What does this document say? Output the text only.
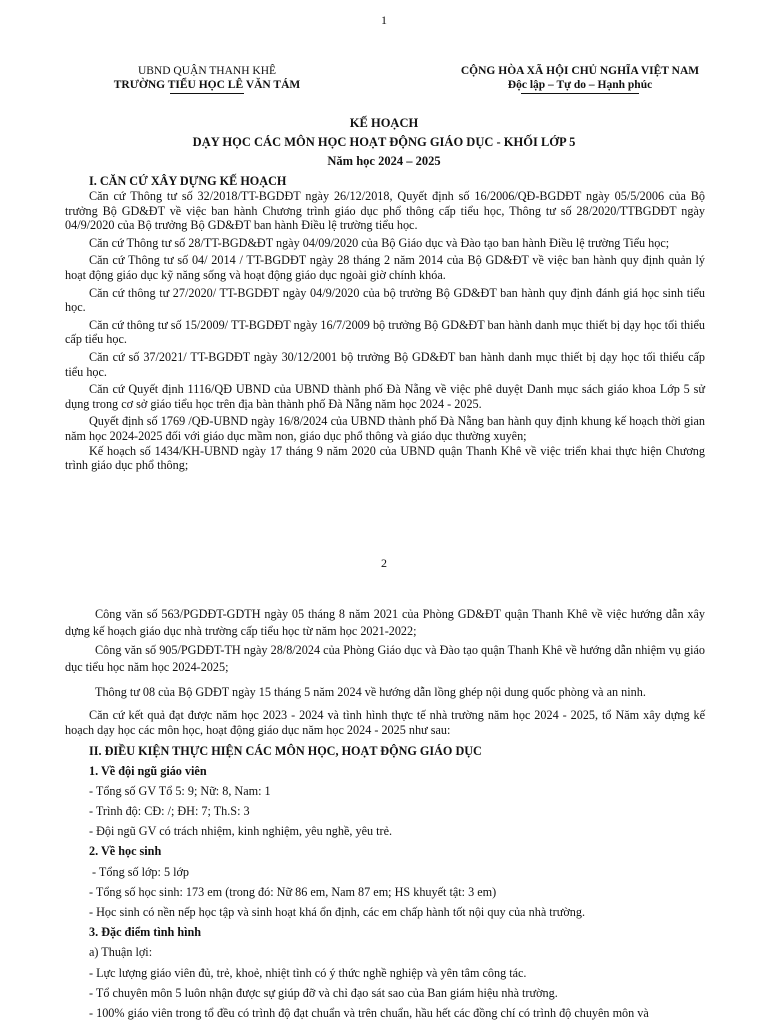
1
UBND QUẬN THANH KHÊ
TRƯỜNG TIỂU HỌC LÊ VĂN TÁM
CỘNG HÒA XÃ HỘI CHỦ NGHĨA VIỆT NAM
Độc lập – Tự do – Hạnh phúc
KẾ HOẠCH
DẠY HỌC CÁC MÔN HỌC HOẠT ĐỘNG GIÁO DỤC - KHỐI LỚP 5
Năm học 2024 – 2025

I. CĂN CỨ XÂY DỰNG KẾ HOẠCH

Căn cứ Thông tư số 32/2018/TT-BGDĐT ngày 26/12/2018, Quyết định số 16/2006/QĐ-BGDĐT ngày 05/5/2006 của Bộ trưởng Bộ GD&ĐT về việc ban hành Chương trình giáo dục phổ thông cấp tiểu học, Thông tư số 28/2020/TTBGDĐT ngày 04/9/2020 của Bộ trưởng Bộ GD&ĐT ban hành Điều lệ trường tiểu học.

Căn cứ Thông tư số 28/TT-BGD&ĐT ngày 04/09/2020 của Bộ Giáo dục và Đào tạo ban hành Điều lệ trường Tiểu học;

Căn cứ Thông tư số 04/ 2014 / TT-BGDĐT ngày 28 tháng 2 năm 2014 của Bộ GD&ĐT về việc ban hành quy định quản lý hoạt động giáo dục kỹ năng sống và hoạt động giáo dục ngoài giờ chính khóa.

Căn cứ thông tư 27/2020/ TT-BGDĐT ngày 04/9/2020 của bộ trưởng Bộ GD&ĐT ban hành quy định đánh giá học sinh tiểu học.

Căn cứ thông tư số 15/2009/ TT-BGDĐT ngày 16/7/2009 bộ trưởng Bộ GD&ĐT ban hành danh mục thiết bị dạy học tối thiểu cấp tiểu học.

Căn cứ số 37/2021/ TT-BGDĐT ngày 30/12/2001 bộ trưởng Bộ GD&ĐT ban hành danh mục thiết bị dạy học tối thiểu cấp tiểu học.

Căn cứ Quyết định 1116/QĐ UBND của UBND thành phố Đà Nẵng về việc phê duyệt Danh mục sách giáo khoa Lớp 5 sử dụng trong cơ sở giáo tiểu học trên địa bàn thành phố Đà Nẵng năm học 2024 - 2025.

Quyết định số 1769 /QĐ-UBND ngày 16/8/2024 của UBND thành phố Đà Nẵng ban hành quy định khung kế hoạch thời gian năm học 2024-2025 đối với giáo dục mầm non, giáo dục phổ thông và giáo dục thường xuyên;

Kế hoạch số 1434/KH-UBND ngày 17 tháng 9 năm 2020 của UBND quận Thanh Khê về việc triển khai thực hiện Chương trình giáo dục phổ thông;

2

Công văn số 563/PGDĐT-GDTH ngày 05 tháng 8 năm 2021 của Phòng GD&ĐT quận Thanh Khê về việc hướng dẫn xây dựng kế hoạch giáo dục nhà trường cấp tiểu học từ năm học 2021-2022;

Công văn số 905/PGDĐT-TH ngày 28/8/2024 của Phòng Giáo dục và Đào tạo quận Thanh Khê về hướng dẫn nhiệm vụ giáo dục tiểu học năm học 2024-2025;

Thông tư 08 của Bộ GDĐT ngày 15 tháng 5 năm 2024 về hướng dẫn lồng ghép nội dung quốc phòng và an ninh.

Căn cứ kết quả đạt được năm học 2023 - 2024 và tình hình thực tế nhà trường năm học 2024 - 2025, tổ Năm xây dựng kế hoạch dạy học các môn học, hoạt động giáo dục năm học 2024 - 2025 như sau:

II. ĐIỀU KIỆN THỰC HIỆN CÁC MÔN HỌC, HOẠT ĐỘNG GIÁO DỤC

1. Về đội ngũ giáo viên

- Tổng số GV Tổ 5: 9; Nữ: 8, Nam: 1

- Trình độ: CĐ: /; ĐH: 7; Th.S: 3

- Đội ngũ GV có trách nhiệm, kinh nghiệm, yêu nghề, yêu trẻ.

2. Về học sinh

- Tổng số lớp: 5 lớp

- Tổng số học sinh: 173 em (trong đó: Nữ 86 em, Nam 87 em; HS khuyết tật: 3 em)

- Học sinh có nền nếp học tập và sinh hoạt khá ổn định, các em chấp hành tốt nội quy của nhà trường.

3. Đặc điểm tình hình

a) Thuận lợi:

- Lực lượng giáo viên đủ, trẻ, khoẻ, nhiệt tình có ý thức nghề nghiệp và yên tâm công tác.

- Tổ chuyên môn 5 luôn nhận được sự giúp đỡ và chỉ đạo sát sao của Ban giám hiệu nhà trường.

- 100% giáo viên trong tổ đều có trình độ đạt chuẩn và trên chuẩn, hầu hết các đồng chí có trình độ chuyên môn và
